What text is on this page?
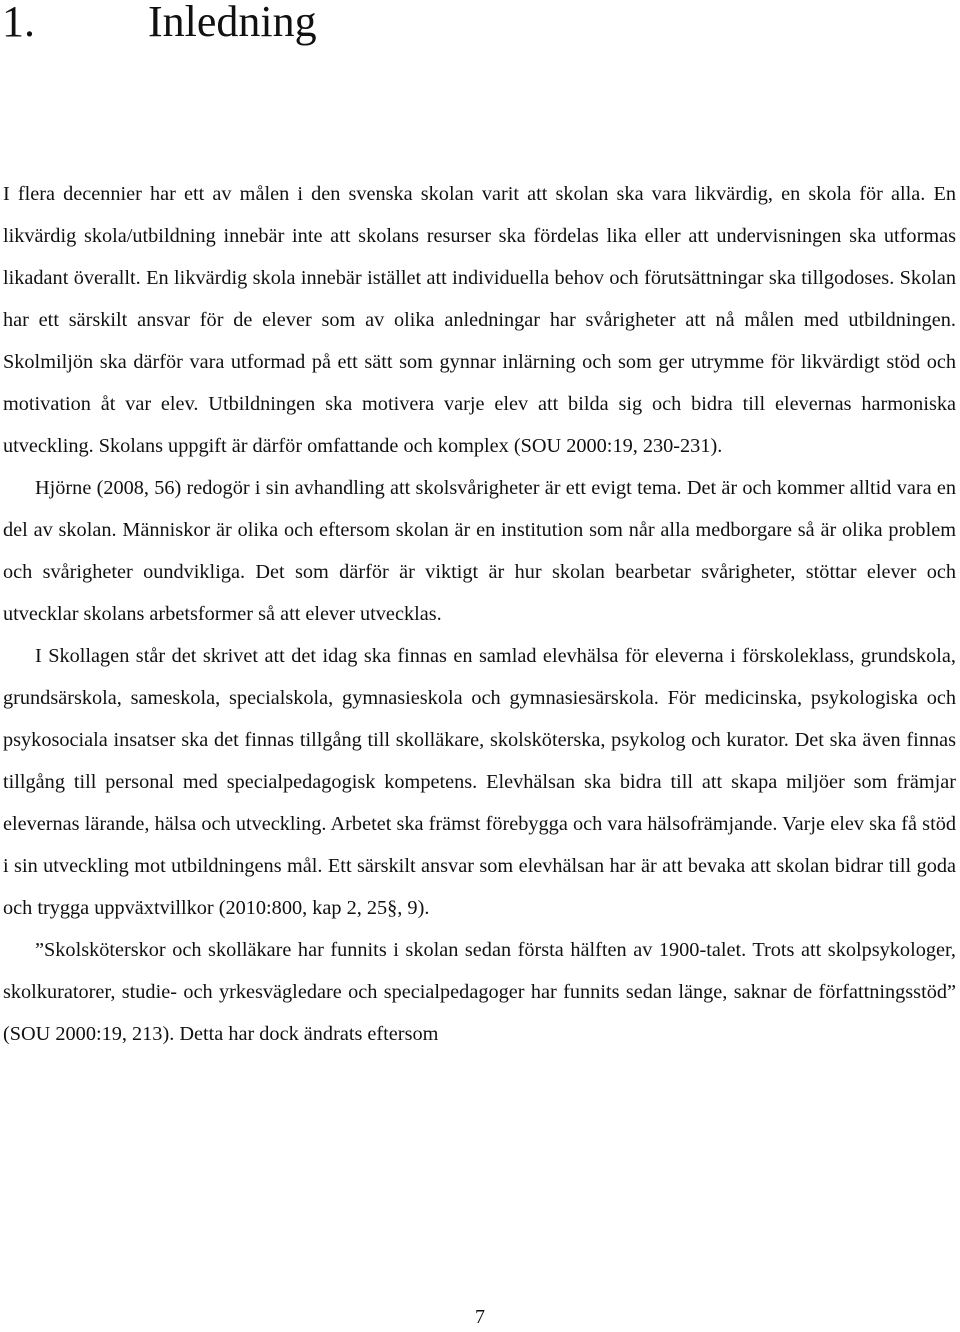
1.	Inledning

I flera decennier har ett av målen i den svenska skolan varit att skolan ska vara likvärdig, en skola för alla. En likvärdig skola/utbildning innebär inte att skolans resurser ska fördelas lika eller att undervisningen ska utformas likadant överallt. En likvärdig skola innebär istället att individuella behov och förutsättningar ska tillgodoses. Skolan har ett särskilt ansvar för de elever som av olika anledningar har svårigheter att nå målen med utbildningen. Skolmiljön ska därför vara utformad på ett sätt som gynnar inlärning och som ger utrymme för likvärdigt stöd och motivation åt var elev. Utbildningen ska motivera varje elev att bilda sig och bidra till elevernas harmoniska utveckling. Skolans uppgift är därför omfattande och komplex (SOU 2000:19, 230-231).

Hjörne (2008, 56) redogör i sin avhandling att skolsvårigheter är ett evigt tema. Det är och kommer alltid vara en del av skolan. Människor är olika och eftersom skolan är en institution som når alla medborgare så är olika problem och svårigheter oundvikliga. Det som därför är viktigt är hur skolan bearbetar svårigheter, stöttar elever och utvecklar skolans arbetsformer så att elever utvecklas.

I Skollagen står det skrivet att det idag ska finnas en samlad elevhälsa för eleverna i förskoleklass, grundskola, grundsärskola, sameskola, specialskola, gymnasieskola och gymnasiesärskola. För medicinska, psykologiska och psykosociala insatser ska det finnas tillgång till skolläkare, skolsköterska, psykolog och kurator. Det ska även finnas tillgång till personal med specialpedagogisk kompetens. Elevhälsan ska bidra till att skapa miljöer som främjar elevernas lärande, hälsa och utveckling. Arbetet ska främst förebygga och vara hälsofrämjande. Varje elev ska få stöd i sin utveckling mot utbildningens mål. Ett särskilt ansvar som elevhälsan har är att bevaka att skolan bidrar till goda och trygga uppväxtvillkor (2010:800, kap 2, 25§, 9).

”Skolsköterskor och skolläkare har funnits i skolan sedan första hälften av 1900-talet. Trots att skolpsykologer, skolkuratorer, studie- och yrkesvägledare och specialpedagoger har funnits sedan länge, saknar de författningsstöd” (SOU 2000:19, 213). Detta har dock ändrats eftersom

7
